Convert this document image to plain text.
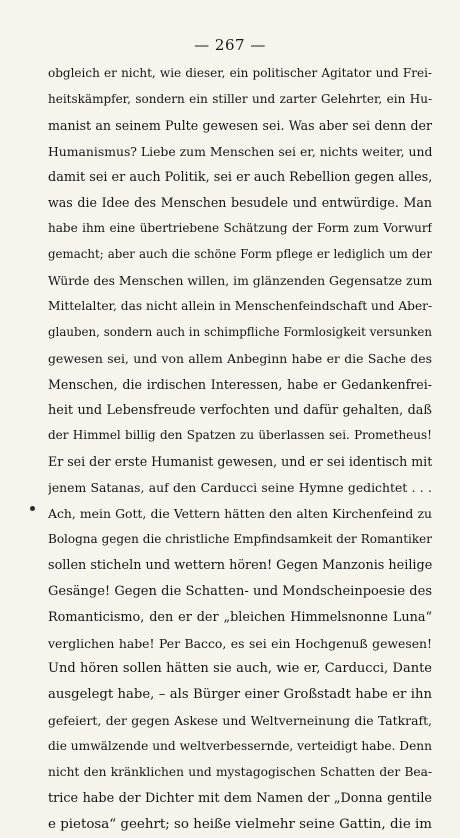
— 267 —
obgleich er nicht, wie dieser, ein politischer Agitator und Frei-
heitskämpfer, sondern ein stiller und zarter Gelehrter, ein Hu-
manist an seinem Pulte gewesen sei. Was aber sei denn der
Humanismus? Liebe zum Menschen sei er, nichts weiter, und
damit sei er auch Politik, sei er auch Rebellion gegen alles,
was die Idee des Menschen besudele und entwürdige. Man
habe ihm eine übertriebene Schätzung der Form zum Vorwurf
gemacht; aber auch die schöne Form pflege er lediglich um der
Würde des Menschen willen, im glänzenden Gegensatze zum
Mittelalter, das nicht allein in Menschenfeindschaft und Aber-
glauben, sondern auch in schimpfliche Formlosigkeit versunken
gewesen sei, und von allem Anbeginn habe er die Sache des
Menschen, die irdischen Interessen, habe er Gedankenfrei-
heit und Lebensfreude verfochten und dafür gehalten, daß
der Himmel billig den Spatzen zu überlassen sei. Prometheus!
Er sei der erste Humanist gewesen, und er sei identisch mit
jenem Satanas, auf den Carducci seine Hymne gedichtet . . .
Ach, mein Gott, die Vettern hätten den alten Kirchenfeind zu
Bologna gegen die christliche Empfindsamkeit der Romantiker
sollen sticheln und wettern hören! Gegen Manzonis heilige
Gesänge! Gegen die Schatten- und Mondscheinpoesie des
Romanticismo, den er der „bleichen Himmelsnonne Luna“
verglichen habe! Per Bacco, es sei ein Hochgenuß gewesen!
Und hören sollen hätten sie auch, wie er, Carducci, Dante
ausgelegt habe, – als Bürger einer Großstadt habe er ihn
gefeiert, der gegen Askese und Weltverneinung die Tatkraft,
die umwälzende und weltverbessernde, verteidigt habe. Denn
nicht den kränklichen und mystagogischen Schatten der Bea-
trice habe der Dichter mit dem Namen der „Donna gentile
e pietosa“ geehrt; so heiße vielmehr seine Gattin, die im
